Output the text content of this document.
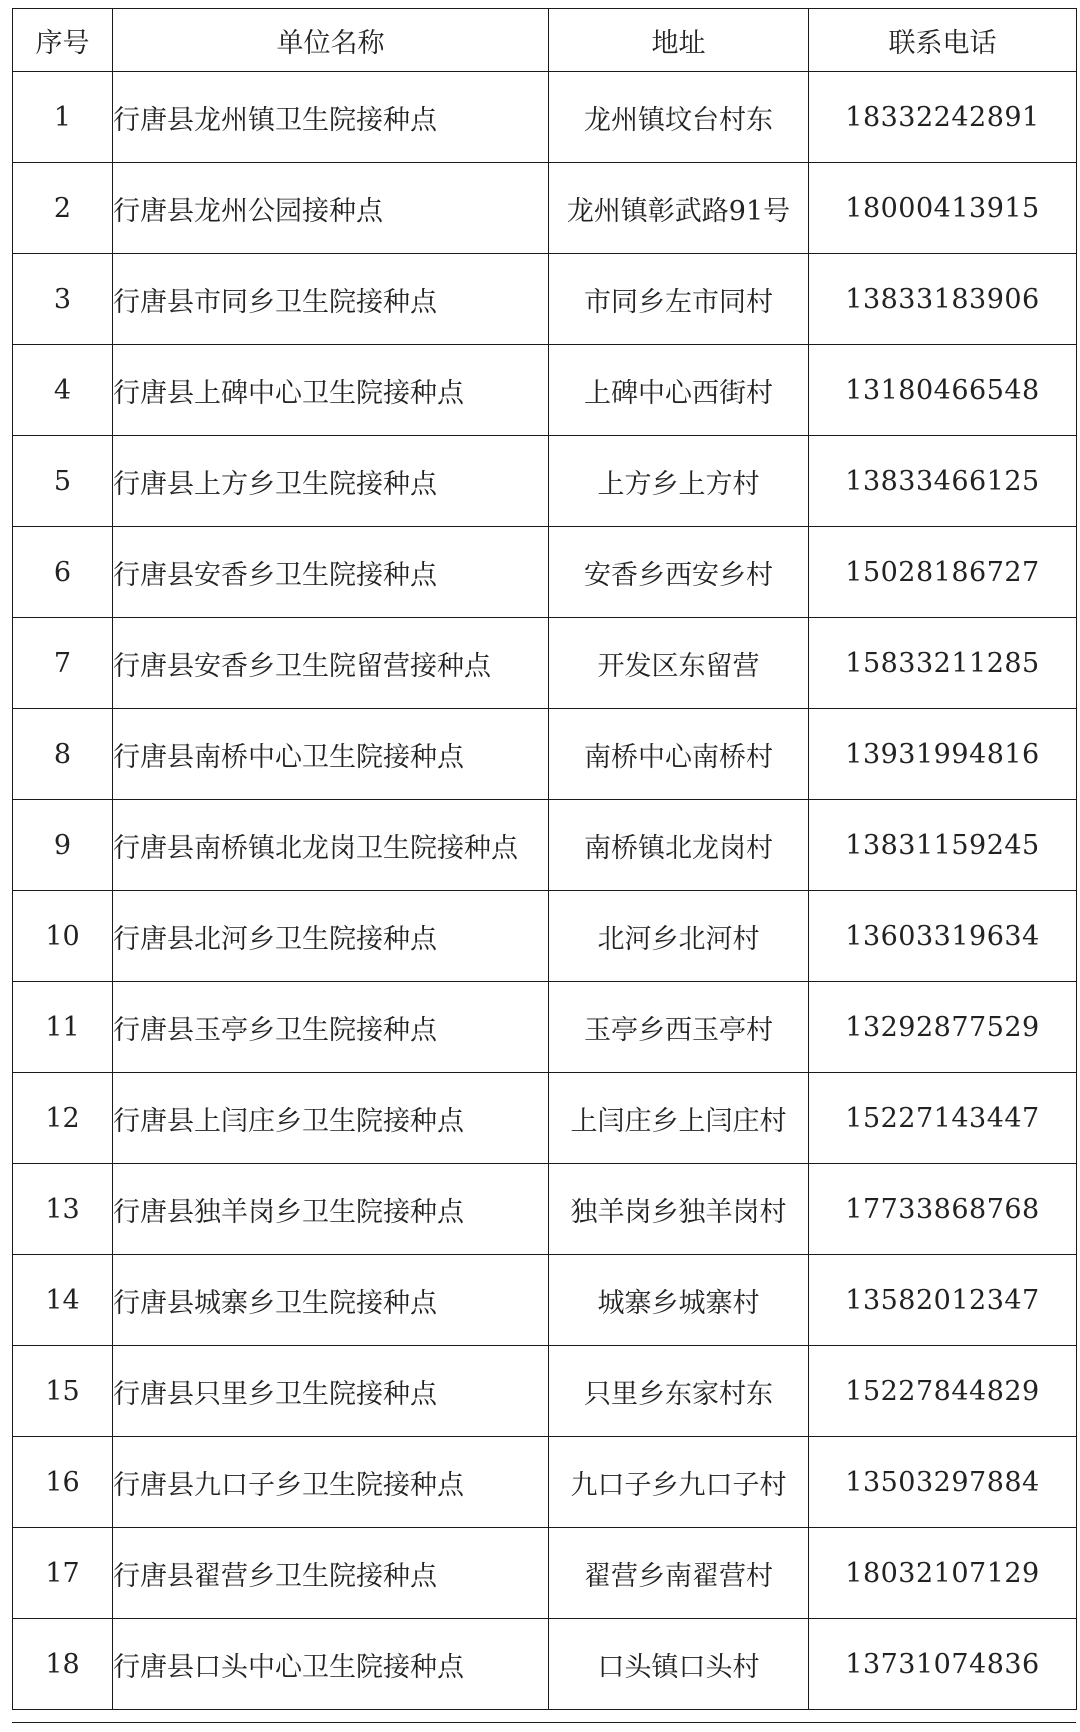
序号	单位名称	地址	联系电话
1	行唐县龙州镇卫生院接种点	龙州镇坟台村东	18332242891
2	行唐县龙州公园接种点	龙州镇彰武路91号	18000413915
3	行唐县市同乡卫生院接种点	市同乡左市同村	13833183906
4	行唐县上碑中心卫生院接种点	上碑中心西街村	13180466548
5	行唐县上方乡卫生院接种点	上方乡上方村	13833466125
6	行唐县安香乡卫生院接种点	安香乡西安乡村	15028186727
7	行唐县安香乡卫生院留营接种点	开发区东留营	15833211285
8	行唐县南桥中心卫生院接种点	南桥中心南桥村	13931994816
9	行唐县南桥镇北龙岗卫生院接种点	南桥镇北龙岗村	13831159245
10	行唐县北河乡卫生院接种点	北河乡北河村	13603319634
11	行唐县玉亭乡卫生院接种点	玉亭乡西玉亭村	13292877529
12	行唐县上闫庄乡卫生院接种点	上闫庄乡上闫庄村	15227143447
13	行唐县独羊岗乡卫生院接种点	独羊岗乡独羊岗村	17733868768
14	行唐县城寨乡卫生院接种点	城寨乡城寨村	13582012347
15	行唐县只里乡卫生院接种点	只里乡东家村东	15227844829
16	行唐县九口子乡卫生院接种点	九口子乡九口子村	13503297884
17	行唐县翟营乡卫生院接种点	翟营乡南翟营村	18032107129
18	行唐县口头中心卫生院接种点	口头镇口头村	13731074836
